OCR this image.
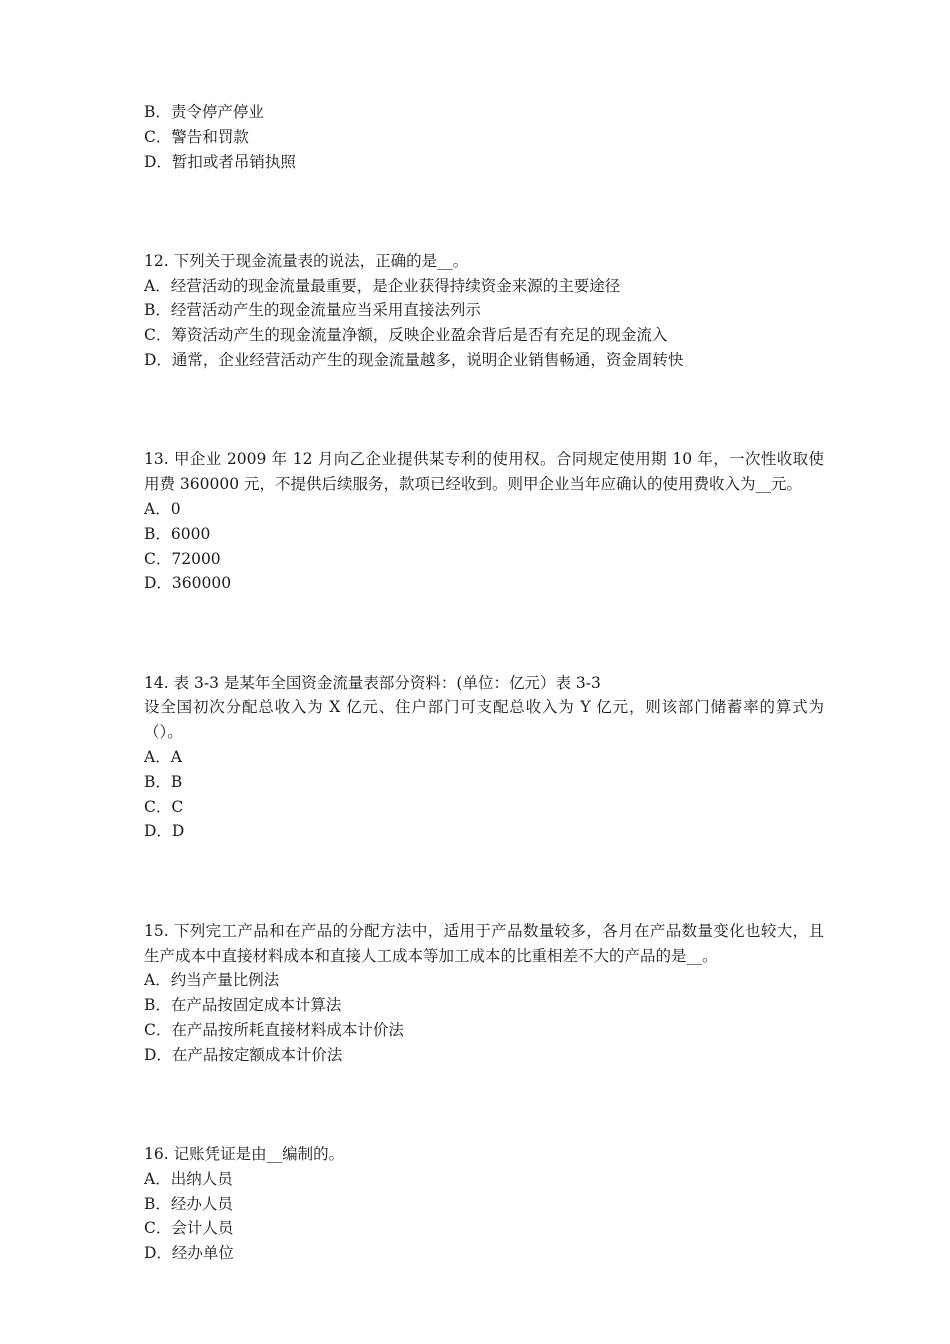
B．责令停产停业
C．警告和罚款
D．暂扣或者吊销执照
12. 下列关于现金流量表的说法，正确的是__。
A．经营活动的现金流量最重要，是企业获得持续资金来源的主要途径
B．经营活动产生的现金流量应当采用直接法列示
C．筹资活动产生的现金流量净额，反映企业盈余背后是否有充足的现金流入
D．通常，企业经营活动产生的现金流量越多，说明企业销售畅通，资金周转快
13. 甲企业 2009 年 12 月向乙企业提供某专利的使用权。合同规定使用期 10 年，一次性收取使用费 360000 元，不提供后续服务，款项已经收到。则甲企业当年应确认的使用费收入为__元。
A．0
B．6000
C．72000
D．360000
14. 表 3-3 是某年全国资金流量表部分资料：(单位：亿元）表 3-3
设全国初次分配总收入为 X 亿元、住户部门可支配总收入为 Y 亿元，则该部门储蓄率的算式为（）。
A．A
B．B
C．C
D．D
15. 下列完工产品和在产品的分配方法中，适用于产品数量较多，各月在产品数量变化也较大，且生产成本中直接材料成本和直接人工成本等加工成本的比重相差不大的产品的是__。
A．约当产量比例法
B．在产品按固定成本计算法
C．在产品按所耗直接材料成本计价法
D．在产品按定额成本计价法
16. 记账凭证是由__编制的。
A．出纳人员
B．经办人员
C．会计人员
D．经办单位
